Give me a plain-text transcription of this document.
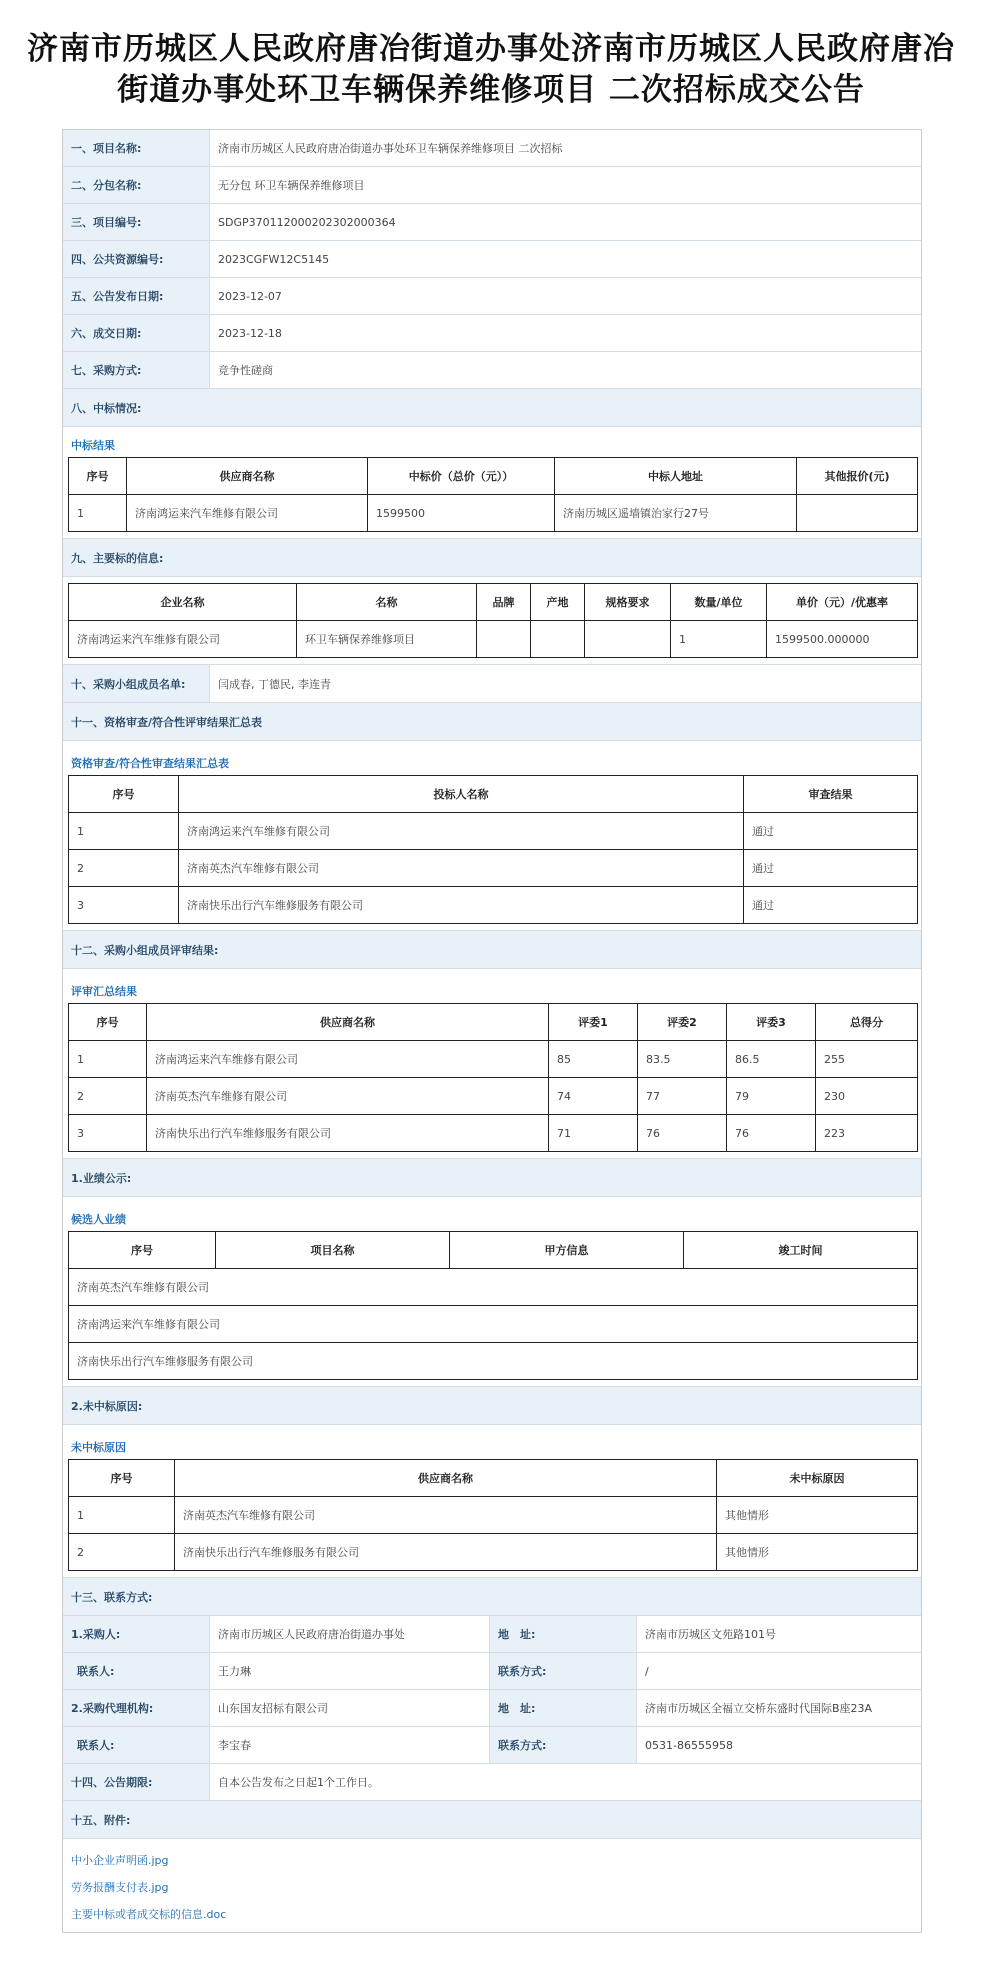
济南市历城区人民政府唐冶街道办事处济南市历城区人民政府唐冶街道办事处环卫车辆保养维修项目 二次招标成交公告
一、项目名称:	济南市历城区人民政府唐冶街道办事处环卫车辆保养维修项目 二次招标
二、分包名称:	无分包 环卫车辆保养维修项目
三、项目编号:	SDGP370112000202302000364
四、公共资源编号:	2023CGFW12C5145
五、公告发布日期:	2023-12-07
六、成交日期:	2023-12-18
七、采购方式:	竞争性磋商
八、中标情况:
中标结果
序号	供应商名称	中标价（总价（元））	中标人地址	其他报价(元)
1	济南鸿运来汽车维修有限公司	1599500	济南历城区遥墙镇治家行27号	
九、主要标的信息:
企业名称	名称	品牌	产地	规格要求	数量/单位	单价（元）/优惠率
济南鸿运来汽车维修有限公司	环卫车辆保养维修项目				1	1599500.000000
十、采购小组成员名单:	闫成春, 丁德民, 李连青
十一、资格审查/符合性评审结果汇总表
资格审查/符合性审查结果汇总表
序号	投标人名称	审查结果
1	济南鸿运来汽车维修有限公司	通过
2	济南英杰汽车维修有限公司	通过
3	济南快乐出行汽车维修服务有限公司	通过
十二、采购小组成员评审结果:
评审汇总结果
序号	供应商名称	评委1	评委2	评委3	总得分
1	济南鸿运来汽车维修有限公司	85	83.5	86.5	255
2	济南英杰汽车维修有限公司	74	77	79	230
3	济南快乐出行汽车维修服务有限公司	71	76	76	223
1.业绩公示:
候选人业绩
序号	项目名称	甲方信息	竣工时间
济南英杰汽车维修有限公司
济南鸿运来汽车维修有限公司
济南快乐出行汽车维修服务有限公司
2.未中标原因:
未中标原因
序号	供应商名称	未中标原因
1	济南英杰汽车维修有限公司	其他情形
2	济南快乐出行汽车维修服务有限公司	其他情形
十三、联系方式:
1.采购人:	济南市历城区人民政府唐冶街道办事处	地　址:	济南市历城区文苑路101号
联系人:	王力琳	联系方式:	/
2.采购代理机构:	山东国友招标有限公司	地　址:	济南市历城区全福立交桥东盛时代国际B座23A
联系人:	李宝春	联系方式:	0531-86555958
十四、公告期限:	自本公告发布之日起1个工作日。
十五、附件:
中小企业声明函.jpg
劳务报酬支付表.jpg
主要中标或者成交标的信息.doc
